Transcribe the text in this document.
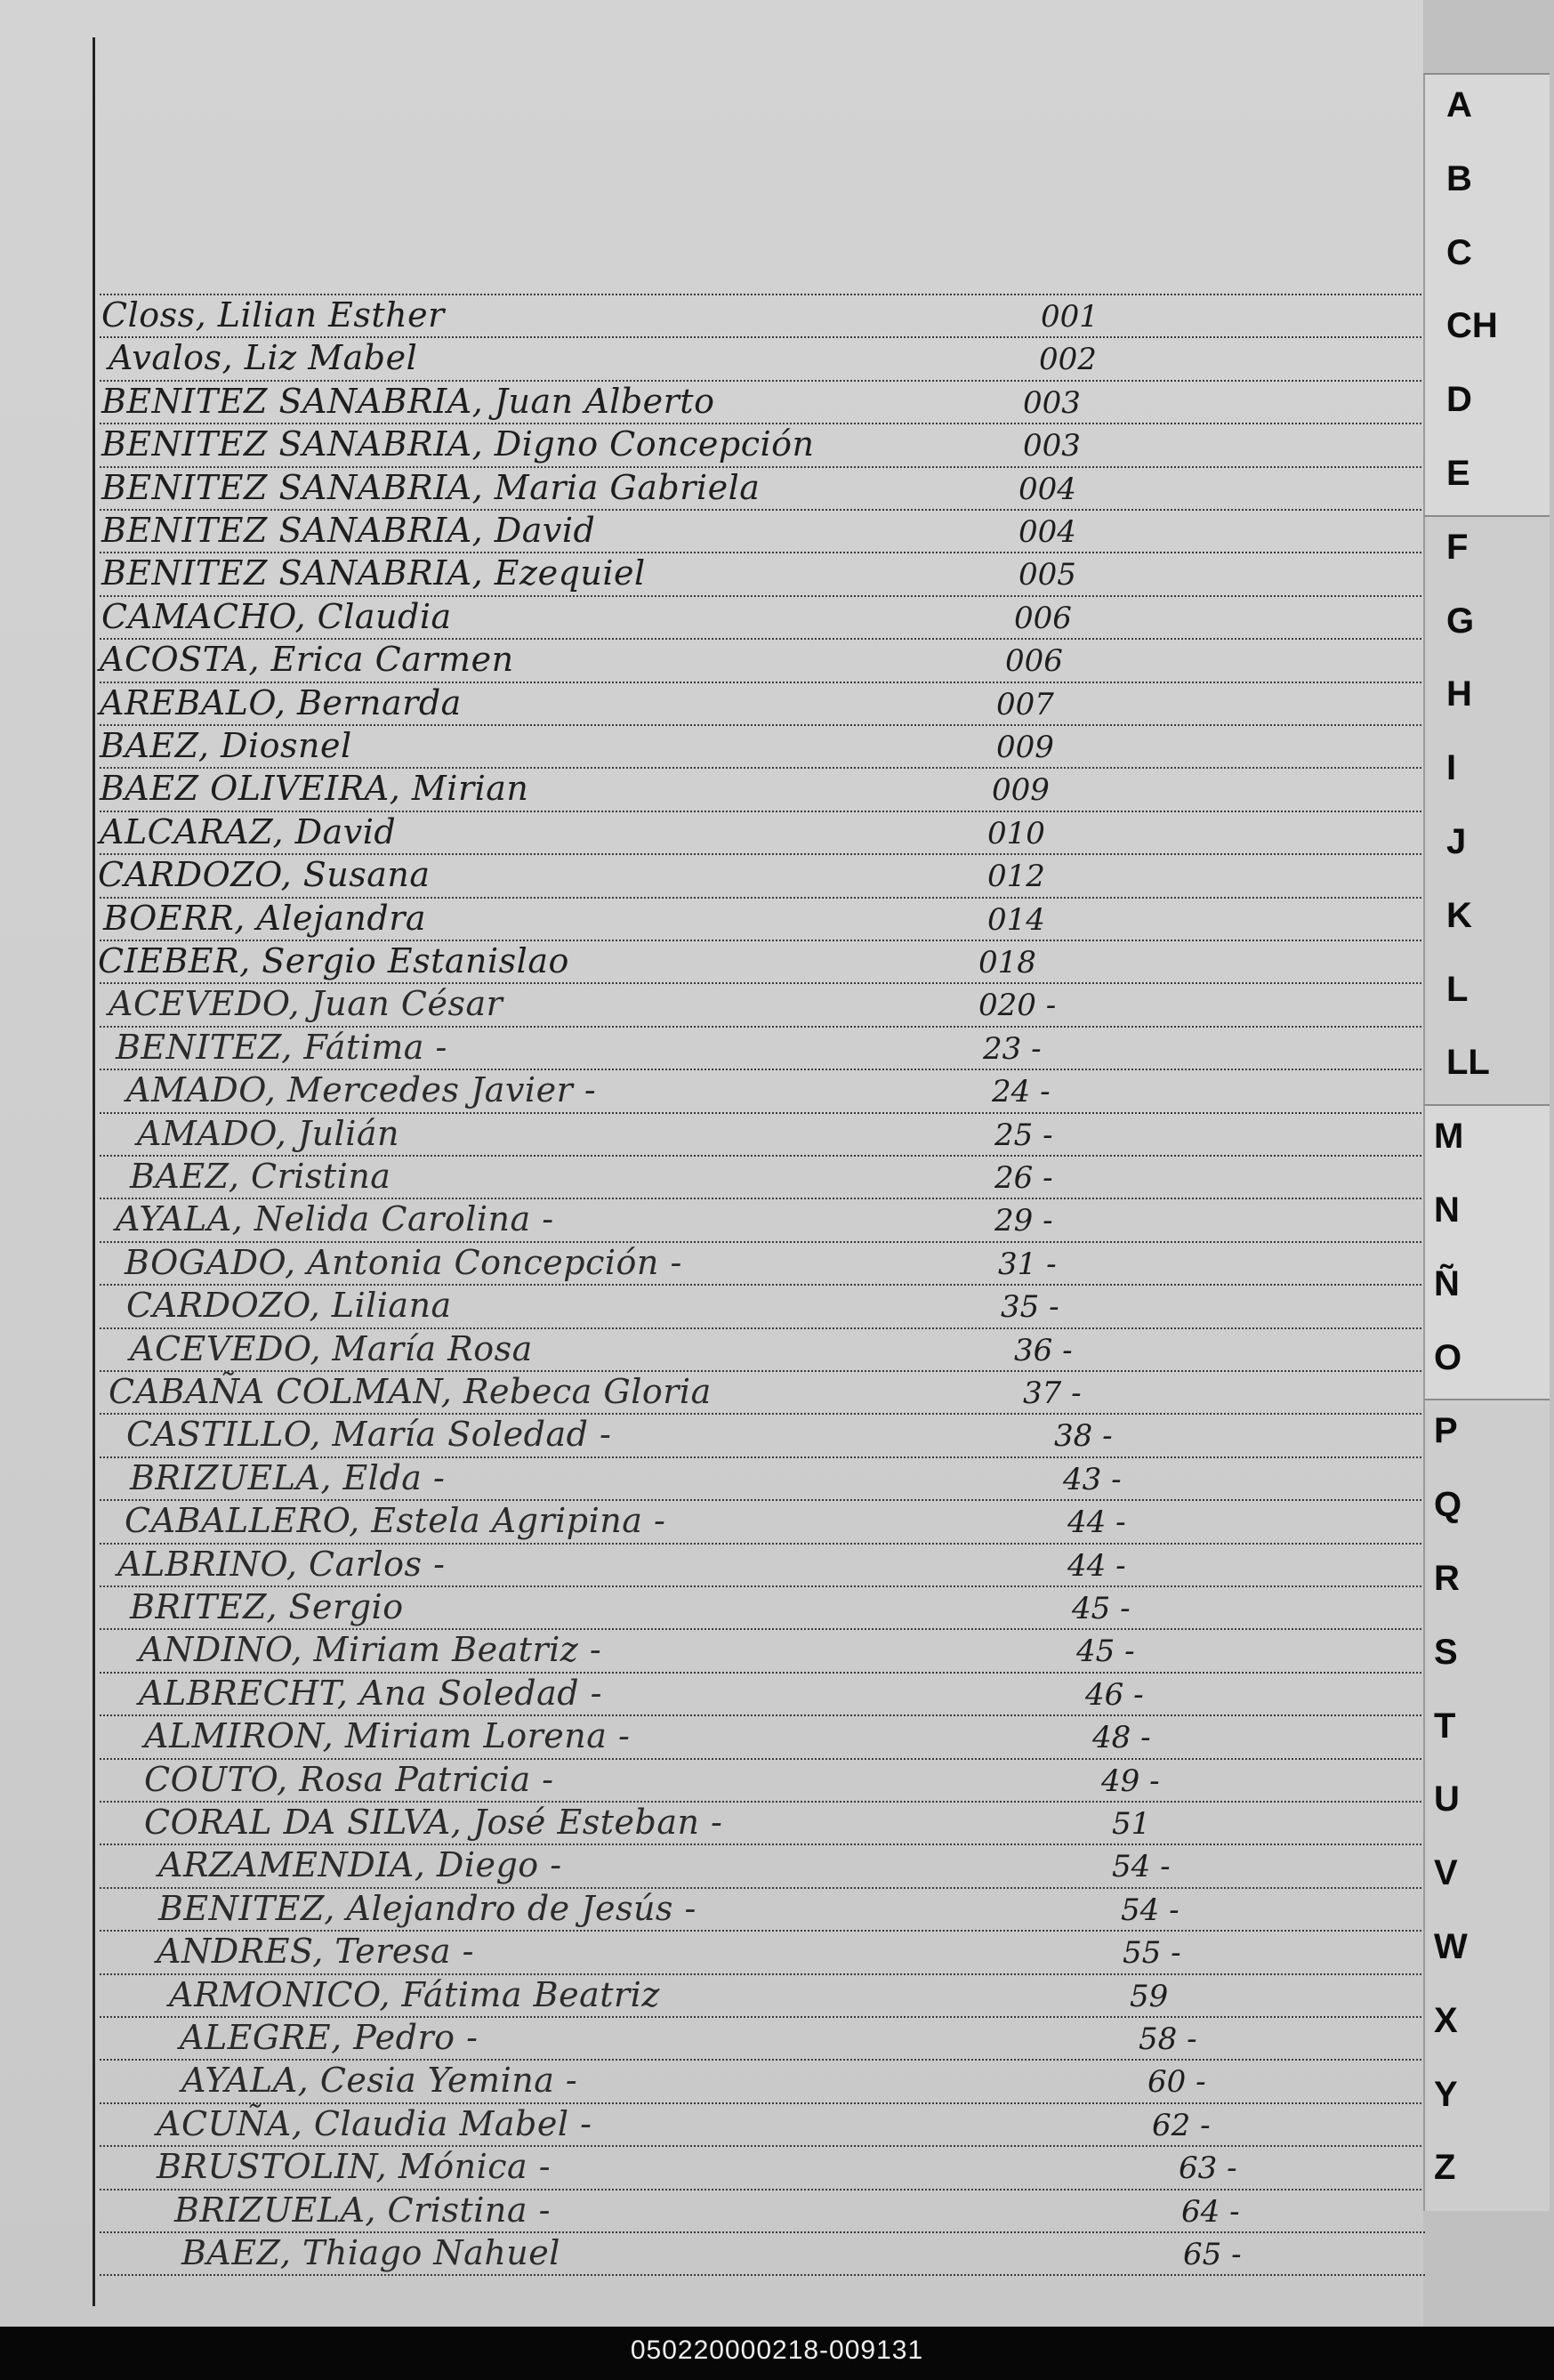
Closs, Lilian Esther	001
Avalos, Liz Mabel	002
BENITEZ SANABRIA, Juan Alberto	003
BENITEZ SANABRIA, Digno Concepción	003
BENITEZ SANABRIA, Maria Gabriela	004
BENITEZ SANABRIA, David	004
BENITEZ SANABRIA, Ezequiel	005
CAMACHO, Claudia	006
ACOSTA, Erica Carmen	006
AREBALO, Bernarda	007
BAEZ, Diosnel	009
BAEZ OLIVEIRA, Mirian	009
ALCARAZ, David	010
CARDOZO, Susana	012
BOERR, Alejandra	014
CIEBER, Sergio Estanislao	018
ACEVEDO, Juan César	020 -
BENITEZ, Fátima -	23 -
AMADO, Mercedes Javier -	24 -
AMADO, Julián	25 -
BAEZ, Cristina	26 -
AYALA, Nelida Carolina -	29 -
BOGADO, Antonia Concepción -	31 -
CARDOZO, Liliana	35 -
ACEVEDO, María Rosa	36 -
CABAÑA COLMAN, Rebeca Gloria	37 -
CASTILLO, María Soledad -	38 -
BRIZUELA, Elda -	43 -
CABALLERO, Estela Agripina -	44 -
ALBRINO, Carlos -	44 -
BRITEZ, Sergio	45 -
ANDINO, Miriam Beatriz -	45 -
ALBRECHT, Ana Soledad -	46 -
ALMIRON, Miriam Lorena -	48 -
COUTO, Rosa Patricia -	49 -
CORAL DA SILVA, José Esteban -	51
ARZAMENDIA, Diego -	54 -
BENITEZ, Alejandro de Jesús -	54 -
ANDRES, Teresa -	55 -
ARMONICO, Fátima Beatriz	59
ALEGRE, Pedro -	58 -
AYALA, Cesia Yemina -	60 -
ACUÑA, Claudia Mabel -	62 -
BRUSTOLIN, Mónica -	63 -
BRIZUELA, Cristina -	64 -
BAEZ, Thiago Nahuel	65 -
A
B
C
CH
D
E
F
G
H
I
J
K
L
LL
M
N
Ñ
O
P
Q
R
S
T
U
V
W
X
Y
Z
050220000218-009131
